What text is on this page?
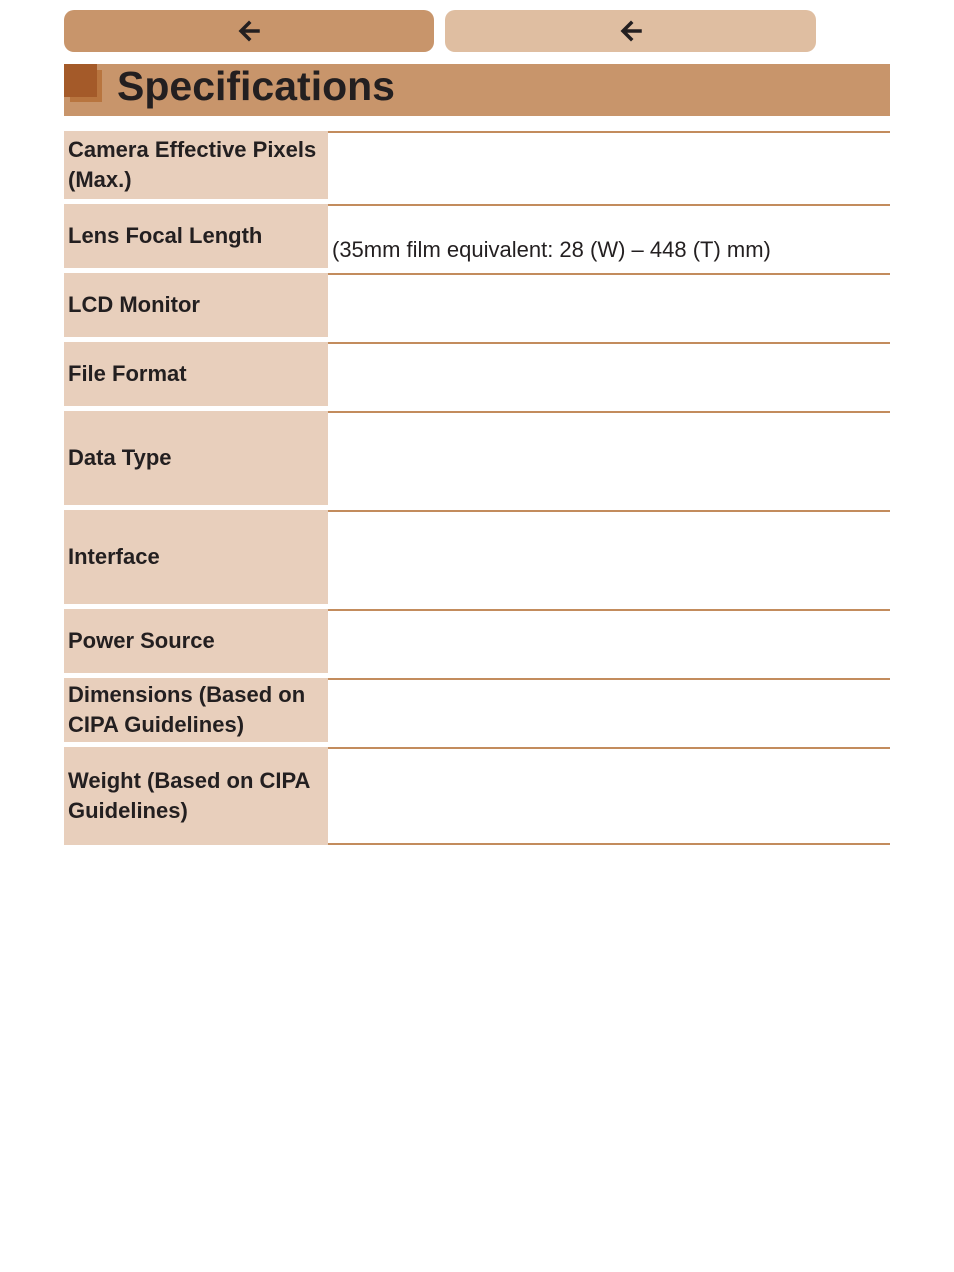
Specifications
Camera Effective Pixels (Max.)
Lens Focal Length
(35mm film equivalent: 28 (W) – 448 (T) mm)
LCD Monitor
File Format
Data Type
Interface
Power Source
Dimensions (Based on CIPA Guidelines)
Weight (Based on CIPA Guidelines)
